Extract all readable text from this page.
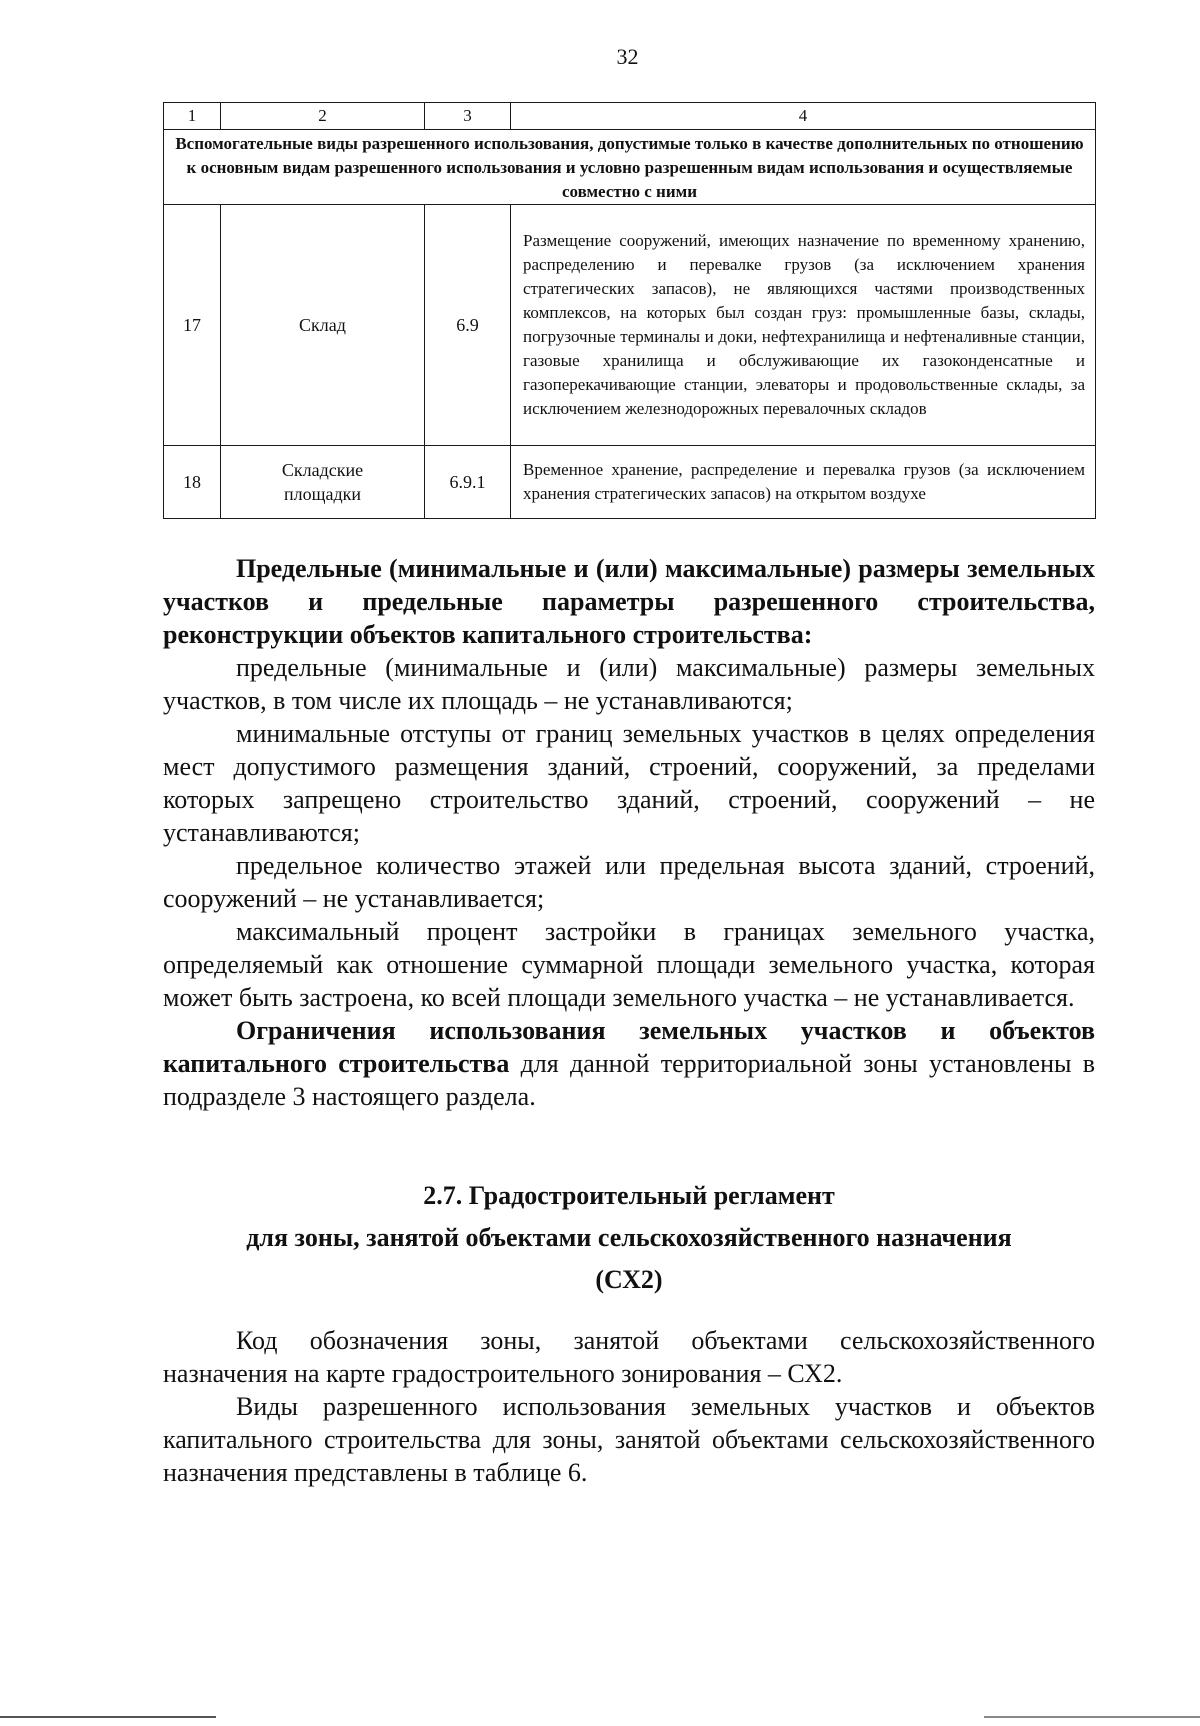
32
1	2	3	4
Вспомогательные виды разрешенного использования, допустимые только в качестве дополнительных по отношению к основным видам разрешенного использования и условно разрешенным видам использования и осуществляемые совместно с ними			
17	Склад	6.9	Размещение сооружений, имеющих назначение по временному хранению, распределению и перевалке грузов (за исключением хранения стратегических запасов), не являющихся частями производственных комплексов, на которых был создан груз: промышленные базы, склады, погрузочные терминалы и доки, нефтехранилища и нефтеналивные станции, газовые хранилища и обслуживающие их газоконденсатные и газоперекачивающие станции, элеваторы и продовольственные склады, за исключением железнодорожных перевалочных складов
18	Складские площадки	6.9.1	Временное хранение, распределение и перевалка грузов (за исключением хранения стратегических запасов) на открытом воздухе

Предельные (минимальные и (или) максимальные) размеры земельных участков и предельные параметры разрешенного строительства, реконструкции объектов капитального строительства:

предельные (минимальные и (или) максимальные) размеры земельных участков, в том числе их площадь – не устанавливаются;

минимальные отступы от границ земельных участков в целях определения мест допустимого размещения зданий, строений, сооружений, за пределами которых запрещено строительство зданий, строений, сооружений – не устанавливаются;

предельное количество этажей или предельная высота зданий, строений, сооружений – не устанавливается;

максимальный процент застройки в границах земельного участка, определяемый как отношение суммарной площади земельного участка, которая может быть застроена, ко всей площади земельного участка – не устанавливается.

Ограничения использования земельных участков и объектов капитального строительства для данной территориальной зоны установлены в подразделе 3 настоящего раздела.

2.7. Градостроительный регламент
для зоны, занятой объектами сельскохозяйственного назначения
(СХ2)

Код обозначения зоны, занятой объектами сельскохозяйственного назначения на карте градостроительного зонирования – СХ2.

Виды разрешенного использования земельных участков и объектов капитального строительства для зоны, занятой объектами сельскохозяйственного назначения представлены в таблице 6.
